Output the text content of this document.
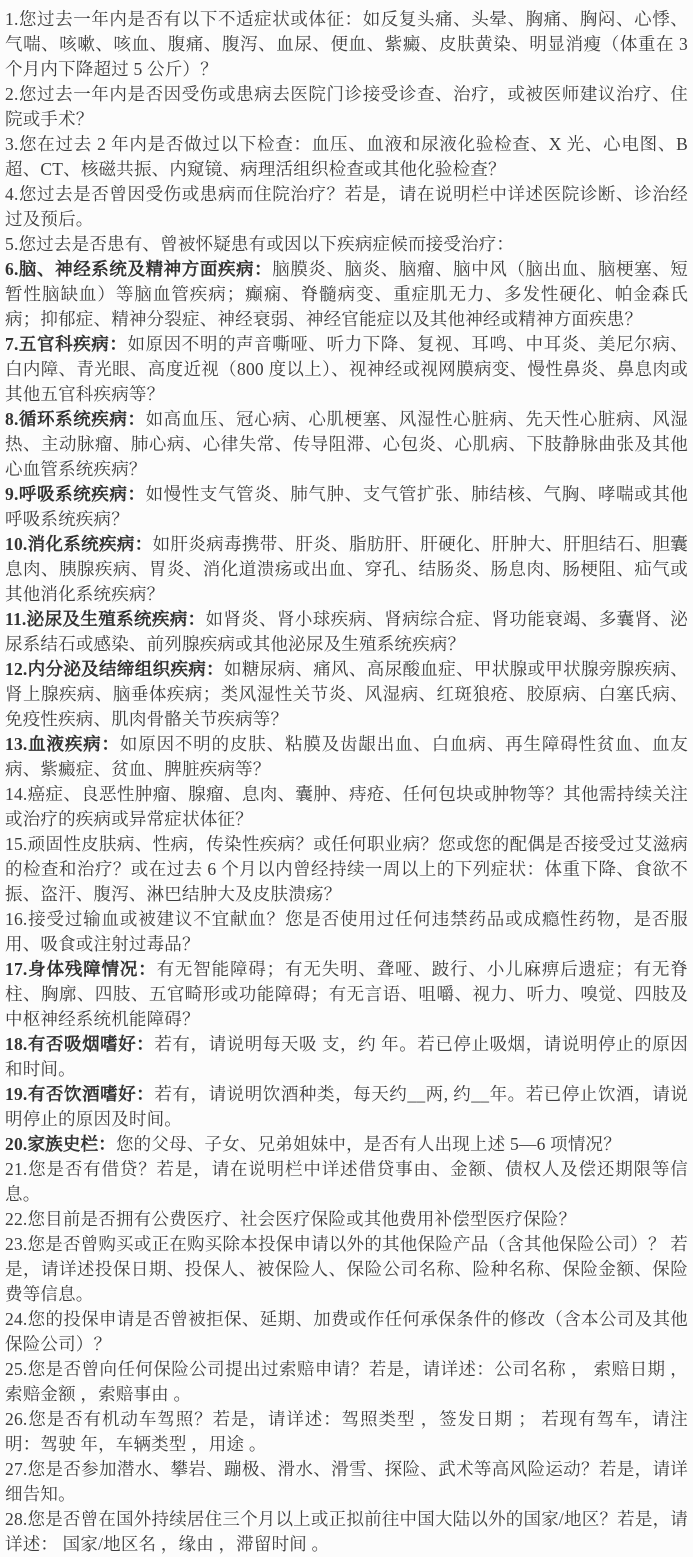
1.您过去一年内是否有以下不适症状或体征：如反复头痛、头晕、胸痛、胸闷、心悸、气喘、咳嗽、咳血、腹痛、腹泻、血尿、便血、紫癜、皮肤黄染、明显消瘦（体重在 3 个月内下降超过 5 公斤）？

2.您过去一年内是否因受伤或患病去医院门诊接受诊查、治疗，或被医师建议治疗、住院或手术？

3.您在过去 2 年内是否做过以下检查：血压、血液和尿液化验检查、X 光、心电图、B 超、CT、核磁共振、内窥镜、病理活组织检查或其他化验检查？

4.您过去是否曾因受伤或患病而住院治疗？若是，请在说明栏中详述医院诊断、诊治经过及预后。

5.您过去是否患有、曾被怀疑患有或因以下疾病症候而接受治疗：

6.脑、神经系统及精神方面疾病：脑膜炎、脑炎、脑瘤、脑中风（脑出血、脑梗塞、短暂性脑缺血）等脑血管疾病；癫痫、脊髓病变、重症肌无力、多发性硬化、帕金森氏病；抑郁症、精神分裂症、神经衰弱、神经官能症以及其他神经或精神方面疾患？

7.五官科疾病：如原因不明的声音嘶哑、听力下降、复视、耳鸣、中耳炎、美尼尔病、白内障、青光眼、高度近视（800 度以上）、视神经或视网膜病变、慢性鼻炎、鼻息肉或其他五官科疾病等？

8.循环系统疾病：如高血压、冠心病、心肌梗塞、风湿性心脏病、先天性心脏病、风湿热、主动脉瘤、肺心病、心律失常、传导阻滞、心包炎、心肌病、下肢静脉曲张及其他心血管系统疾病？

9.呼吸系统疾病：如慢性支气管炎、肺气肿、支气管扩张、肺结核、气胸、哮喘或其他呼吸系统疾病？

10.消化系统疾病：如肝炎病毒携带、肝炎、脂肪肝、肝硬化、肝肿大、肝胆结石、胆囊息肉、胰腺疾病、胃炎、消化道溃疡或出血、穿孔、结肠炎、肠息肉、肠梗阻、疝气或其他消化系统疾病？

11.泌尿及生殖系统疾病：如肾炎、肾小球疾病、肾病综合症、肾功能衰竭、多囊肾、泌尿系结石或感染、前列腺疾病或其他泌尿及生殖系统疾病？

12.内分泌及结缔组织疾病：如糖尿病、痛风、高尿酸血症、甲状腺或甲状腺旁腺疾病、肾上腺疾病、脑垂体疾病；类风湿性关节炎、风湿病、红斑狼疮、胶原病、白塞氏病、免疫性疾病、肌肉骨骼关节疾病等？

13.血液疾病：如原因不明的皮肤、粘膜及齿龈出血、白血病、再生障碍性贫血、血友病、紫癜症、贫血、脾脏疾病等？

14.癌症、良恶性肿瘤、腺瘤、息肉、囊肿、痔疮、任何包块或肿物等？其他需持续关注或治疗的疾病或异常症状体征？

15.顽固性皮肤病、性病，传染性疾病？或任何职业病？您或您的配偶是否接受过艾滋病的检查和治疗？或在过去 6 个月以内曾经持续一周以上的下列症状：体重下降、食欲不振、盗汗、腹泻、淋巴结肿大及皮肤溃疡？

16.接受过输血或被建议不宜献血？您是否使用过任何违禁药品或成瘾性药物，是否服用、吸食或注射过毒品？

17.身体残障情况：有无智能障碍；有无失明、聋哑、跛行、小儿麻痹后遗症；有无脊柱、胸廓、四肢、五官畸形或功能障碍；有无言语、咀嚼、视力、听力、嗅觉、四肢及中枢神经系统机能障碍？

18.有否吸烟嗜好：若有，请说明每天吸 支，约 年。若已停止吸烟，请说明停止的原因和时间。

19.有否饮酒嗜好：若有，请说明饮酒种类，每天约__两, 约__年。若已停止饮酒，请说明停止的原因及时间。

20.家族史栏：您的父母、子女、兄弟姐妹中，是否有人出现上述 5—6 项情况？

21.您是否有借贷？若是，请在说明栏中详述借贷事由、金额、债权人及偿还期限等信息。

22.您目前是否拥有公费医疗、社会医疗保险或其他费用补偿型医疗保险？

23.您是否曾购买或正在购买除本投保申请以外的其他保险产品（含其他保险公司）？ 若是，请详述投保日期、投保人、被保险人、保险公司名称、险种名称、保险金额、保险费等信息。

24.您的投保申请是否曾被拒保、延期、加费或作任何承保条件的修改（含本公司及其他保险公司）？

25.您是否曾向任何保险公司提出过索赔申请？若是，请详述：公司名称 ， 索赔日期 ，索赔金额 ，索赔事由 。

26.您是否有机动车驾照？若是，请详述：驾照类型 ，签发日期 ； 若现有驾车，请注明：驾驶 年，车辆类型 ，用途 。

27.您是否参加潜水、攀岩、蹦极、滑水、滑雪、探险、武术等高风险运动？若是，请详细告知。

28.您是否曾在国外持续居住三个月以上或正拟前往中国大陆以外的国家/地区？若是，请详述： 国家/地区名 ，缘由 ，滞留时间 。
